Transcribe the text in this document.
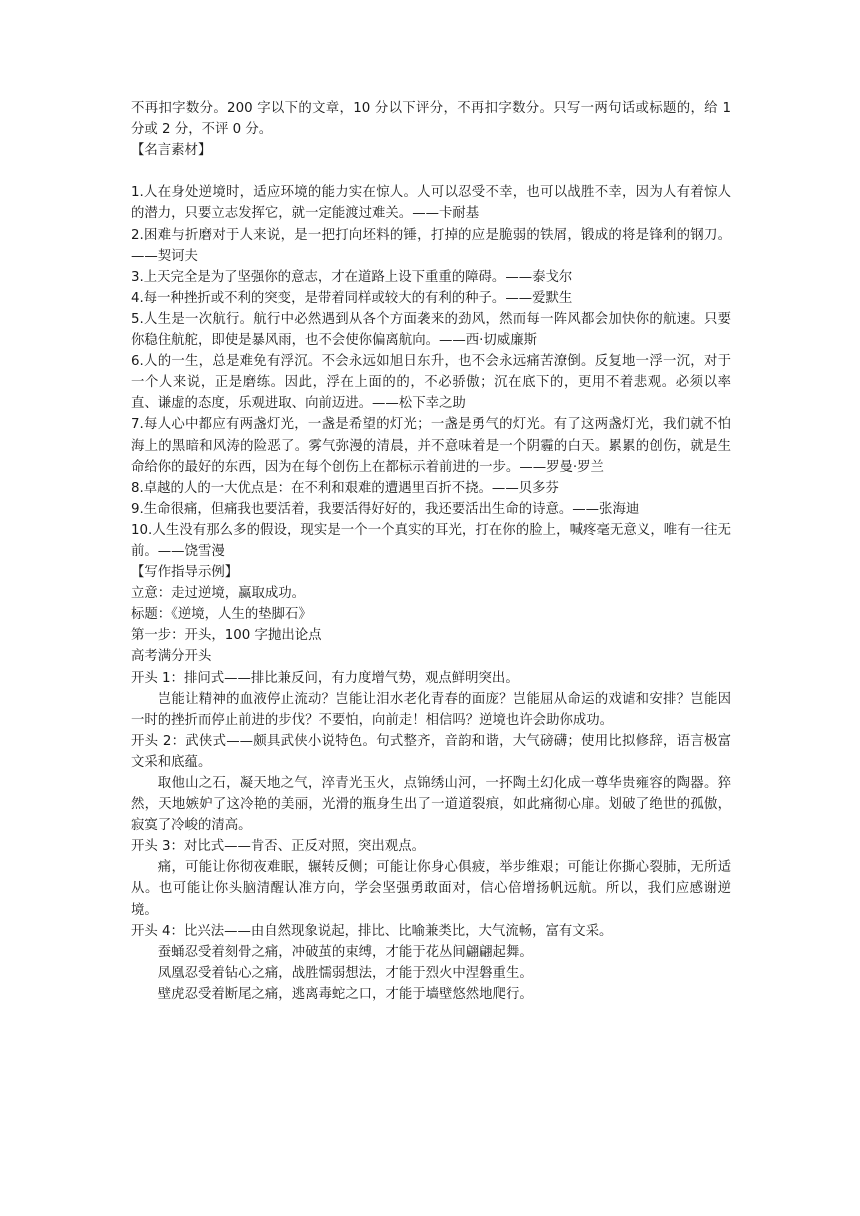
不再扣字数分。200 字以下的文章，10 分以下评分，不再扣字数分。只写一两句话或标题的，给 1 分或 2 分，不评 0 分。

【名言素材】

1.人在身处逆境时，适应环境的能力实在惊人。人可以忍受不幸，也可以战胜不幸，因为人有着惊人的潜力，只要立志发挥它，就一定能渡过难关。——卡耐基

2.困难与折磨对于人来说，是一把打向坯料的锤，打掉的应是脆弱的铁屑，锻成的将是锋利的钢刀。——契诃夫

3.上天完全是为了坚强你的意志，才在道路上设下重重的障碍。——泰戈尔

4.每一种挫折或不利的突变，是带着同样或较大的有利的种子。——爱默生

5.人生是一次航行。航行中必然遇到从各个方面袭来的劲风，然而每一阵风都会加快你的航速。只要你稳住航舵，即使是暴风雨，也不会使你偏离航向。——西·切威廉斯

6.人的一生，总是难免有浮沉。不会永远如旭日东升，也不会永远痛苦潦倒。反复地一浮一沉，对于一个人来说，正是磨练。因此，浮在上面的的，不必骄傲；沉在底下的，更用不着悲观。必须以率直、谦虚的态度，乐观进取、向前迈进。——松下幸之助

7.每人心中都应有两盏灯光，一盏是希望的灯光；一盏是勇气的灯光。有了这两盏灯光，我们就不怕海上的黑暗和风涛的险恶了。雾气弥漫的清晨，并不意味着是一个阴霾的白天。累累的创伤，就是生命给你的最好的东西，因为在每个创伤上在都标示着前进的一步。——罗曼·罗兰

8.卓越的人的一大优点是：在不利和艰难的遭遇里百折不挠。——贝多芬

9.生命很痛，但痛我也要活着，我要活得好好的，我还要活出生命的诗意。——张海迪

10.人生没有那么多的假设，现实是一个一个真实的耳光，打在你的脸上，喊疼毫无意义，唯有一往无前。——饶雪漫

【写作指导示例】

立意：走过逆境，赢取成功。

标题：《逆境，人生的垫脚石》

第一步：开头，100 字抛出论点

高考满分开头

开头 1：排问式——排比兼反问，有力度增气势，观点鲜明突出。

岂能让精神的血液停止流动？岂能让泪水老化青春的面庞？岂能屈从命运的戏谑和安排？岂能因一时的挫折而停止前进的步伐？不要怕，向前走！相信吗？逆境也许会助你成功。

开头 2：武侠式——颇具武侠小说特色。句式整齐，音韵和谐，大气磅礴；使用比拟修辞，语言极富文采和底蕴。

取他山之石，凝天地之气，淬青光玉火，点锦绣山河，一抔陶土幻化成一尊华贵雍容的陶器。猝然，天地嫉妒了这冷艳的美丽，光滑的瓶身生出了一道道裂痕，如此痛彻心扉。划破了绝世的孤傲，寂寞了冷峻的清高。

开头 3：对比式——肯否、正反对照，突出观点。

痛，可能让你彻夜难眠，辗转反侧；可能让你身心俱疲，举步维艰；可能让你撕心裂肺，无所适从。也可能让你头脑清醒认准方向，学会坚强勇敢面对，信心倍增扬帆远航。所以，我们应感谢逆境。

开头 4：比兴法——由自然现象说起，排比、比喻兼类比，大气流畅，富有文采。

蚕蛹忍受着刻骨之痛，冲破茧的束缚，才能于花丛间翩翩起舞。

凤凰忍受着钻心之痛，战胜懦弱想法，才能于烈火中涅磐重生。

壁虎忍受着断尾之痛，逃离毒蛇之口，才能于墙壁悠然地爬行。
